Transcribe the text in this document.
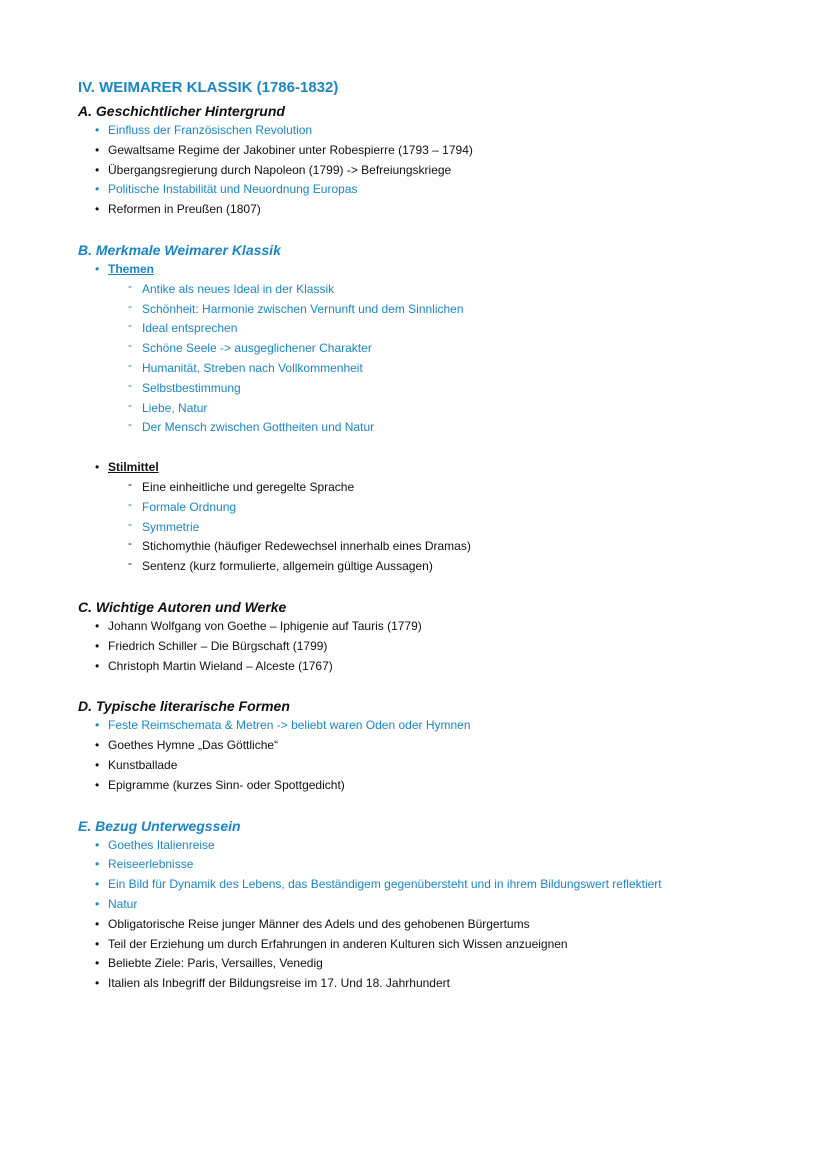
IV. WEIMARER KLASSIK (1786-1832)
A. Geschichtlicher Hintergrund
• Einfluss der Französischen Revolution
• Gewaltsame Regime der Jakobiner unter Robespierre (1793 – 1794)
• Übergangsregierung durch Napoleon (1799) -> Befreiungskriege
• Politische Instabilität und Neuordnung Europas
• Reformen in Preußen (1807)
B. Merkmale Weimarer Klassik
• Themen
- Antike als neues Ideal in der Klassik
- Schönheit: Harmonie zwischen Vernunft und dem Sinnlichen
- Ideal entsprechen
- Schöne Seele -> ausgeglichener Charakter
- Humanität, Streben nach Vollkommenheit
- Selbstbestimmung
- Liebe, Natur
- Der Mensch zwischen Gottheiten und Natur
• Stilmittel
- Eine einheitliche und geregelte Sprache
- Formale Ordnung
- Symmetrie
- Stichomythie (häufiger Redewechsel innerhalb eines Dramas)
- Sentenz (kurz formulierte, allgemein gültige Aussagen)
C. Wichtige Autoren und Werke
• Johann Wolfgang von Goethe – Iphigenie auf Tauris (1779)
• Friedrich Schiller – Die Bürgschaft (1799)
• Christoph Martin Wieland – Alceste (1767)
D. Typische literarische Formen
• Feste Reimschemata & Metren -> beliebt waren Oden oder Hymnen
• Goethes Hymne „Das Göttliche“
• Kunstballade
• Epigramme (kurzes Sinn- oder Spottgedicht)
E. Bezug Unterwegssein
• Goethes Italienreise
• Reiseerlebnisse
• Ein Bild für Dynamik des Lebens, das Beständigem gegenübersteht und in ihrem Bildungswert reflektiert
• Natur
• Obligatorische Reise junger Männer des Adels und des gehobenen Bürgertums
• Teil der Erziehung um durch Erfahrungen in anderen Kulturen sich Wissen anzueignen
• Beliebte Ziele: Paris, Versailles, Venedig
• Italien als Inbegriff der Bildungsreise im 17. Und 18. Jahrhundert
